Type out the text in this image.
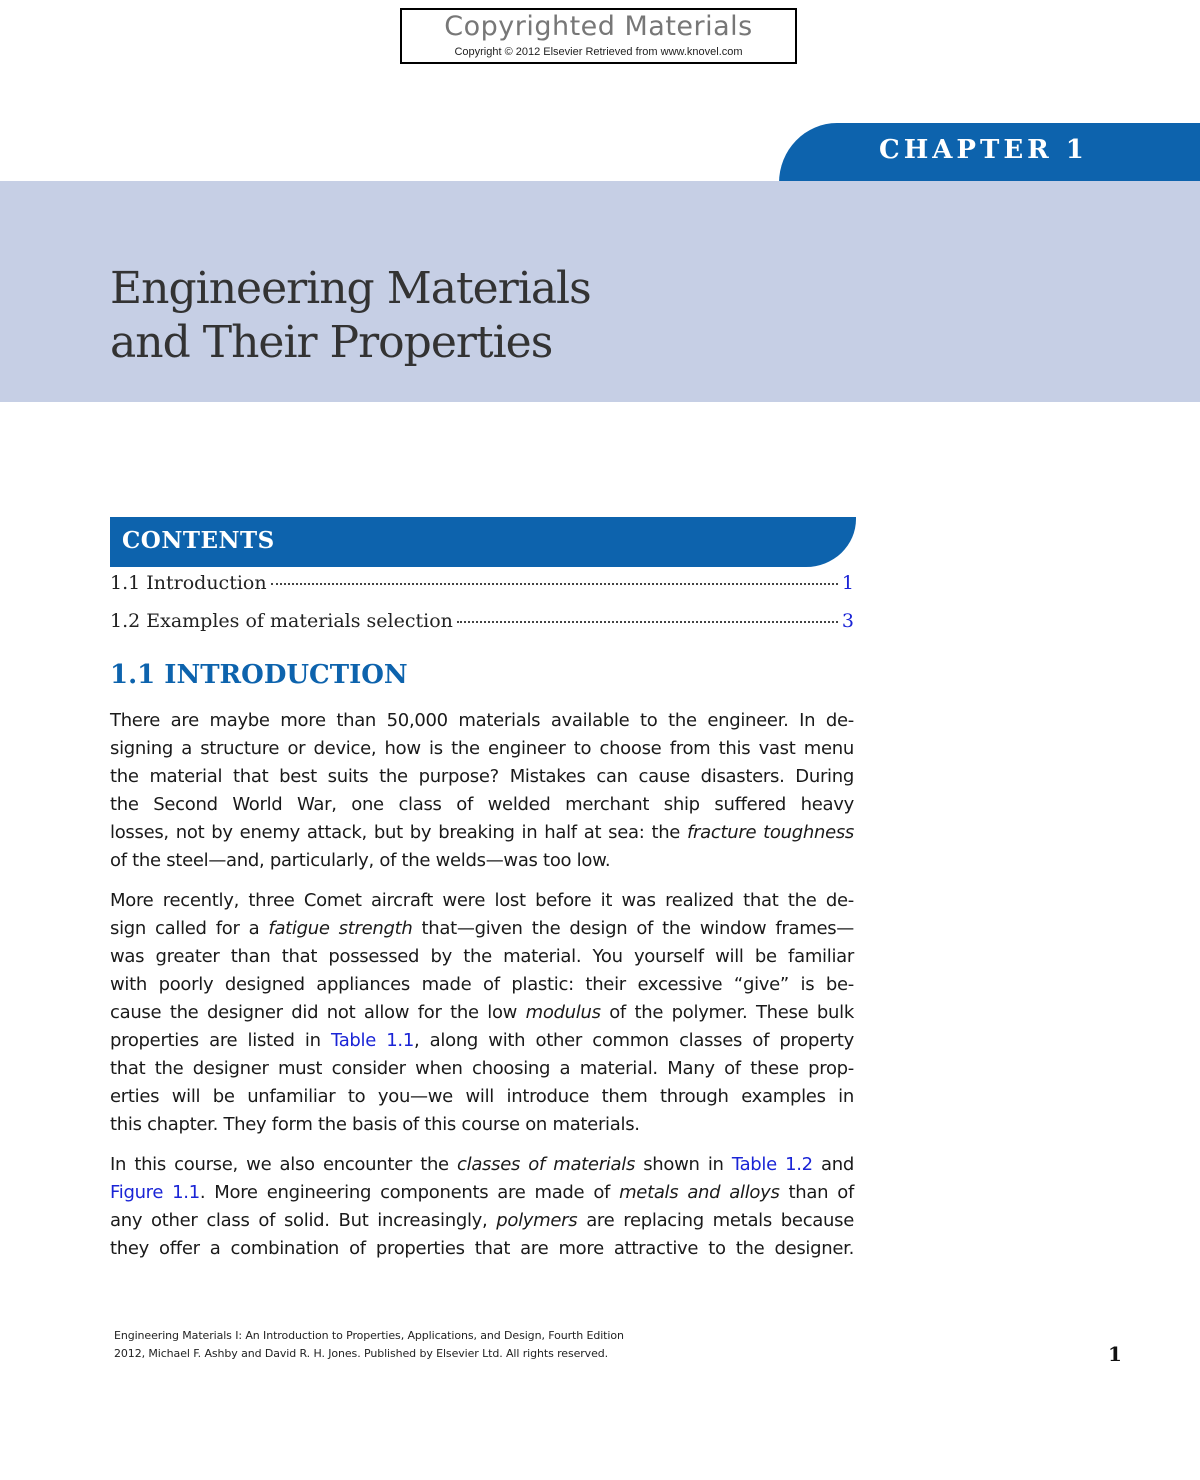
Copyrighted Materials
Copyright © 2012 Elsevier Retrieved from www.knovel.com
CHAPTER 1
Engineering Materials
and Their Properties
CONTENTS
1.1 Introduction	1
1.2 Examples of materials selection	3
1.1 INTRODUCTION
There are maybe more than 50,000 materials available to the engineer. In de-
signing a structure or device, how is the engineer to choose from this vast menu
the material that best suits the purpose? Mistakes can cause disasters. During
the Second World War, one class of welded merchant ship suffered heavy
losses, not by enemy attack, but by breaking in half at sea: the fracture toughness
of the steel—and, particularly, of the welds—was too low.
More recently, three Comet aircraft were lost before it was realized that the de-
sign called for a fatigue strength that—given the design of the window frames—
was greater than that possessed by the material. You yourself will be familiar
with poorly designed appliances made of plastic: their excessive “give” is be-
cause the designer did not allow for the low modulus of the polymer. These bulk
properties are listed in Table 1.1, along with other common classes of property
that the designer must consider when choosing a material. Many of these prop-
erties will be unfamiliar to you—we will introduce them through examples in
this chapter. They form the basis of this course on materials.
In this course, we also encounter the classes of materials shown in Table 1.2 and
Figure 1.1. More engineering components are made of metals and alloys than of
any other class of solid. But increasingly, polymers are replacing metals because
they offer a combination of properties that are more attractive to the designer.
Engineering Materials I: An Introduction to Properties, Applications, and Design, Fourth Edition
2012, Michael F. Ashby and David R. H. Jones. Published by Elsevier Ltd. All rights reserved.	1
